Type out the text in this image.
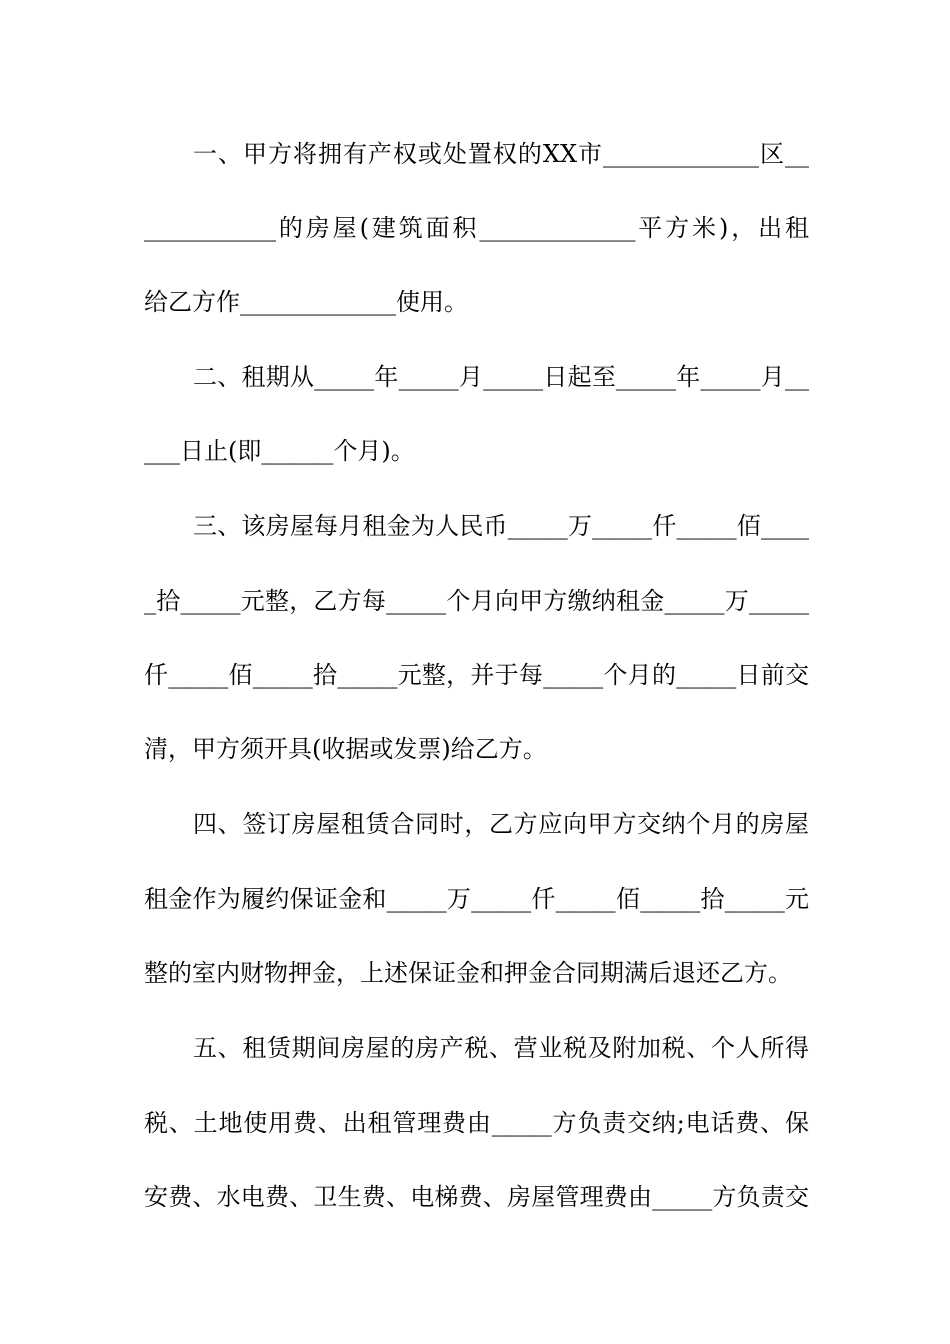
一、甲方将拥有产权或处置权的XX市_____________区__
___________的房屋(建筑面积_____________平方米)，出租
给乙方作_____________使用。
二、租期从_____年_____月_____日起至_____年_____月__
___日止(即______个月)。
三、该房屋每月租金为人民币_____万_____仟_____佰____
_拾_____元整，乙方每_____个月向甲方缴纳租金_____万_____
仟_____佰_____拾_____元整，并于每_____个月的_____日前交
清，甲方须开具(收据或发票)给乙方。
四、签订房屋租赁合同时，乙方应向甲方交纳个月的房屋
租金作为履约保证金和_____万_____仟_____佰_____拾_____元
整的室内财物押金，上述保证金和押金合同期满后退还乙方。
五、租赁期间房屋的房产税、营业税及附加税、个人所得
税、土地使用费、出租管理费由_____方负责交纳;电话费、保
安费、水电费、卫生费、电梯费、房屋管理费由_____方负责交
